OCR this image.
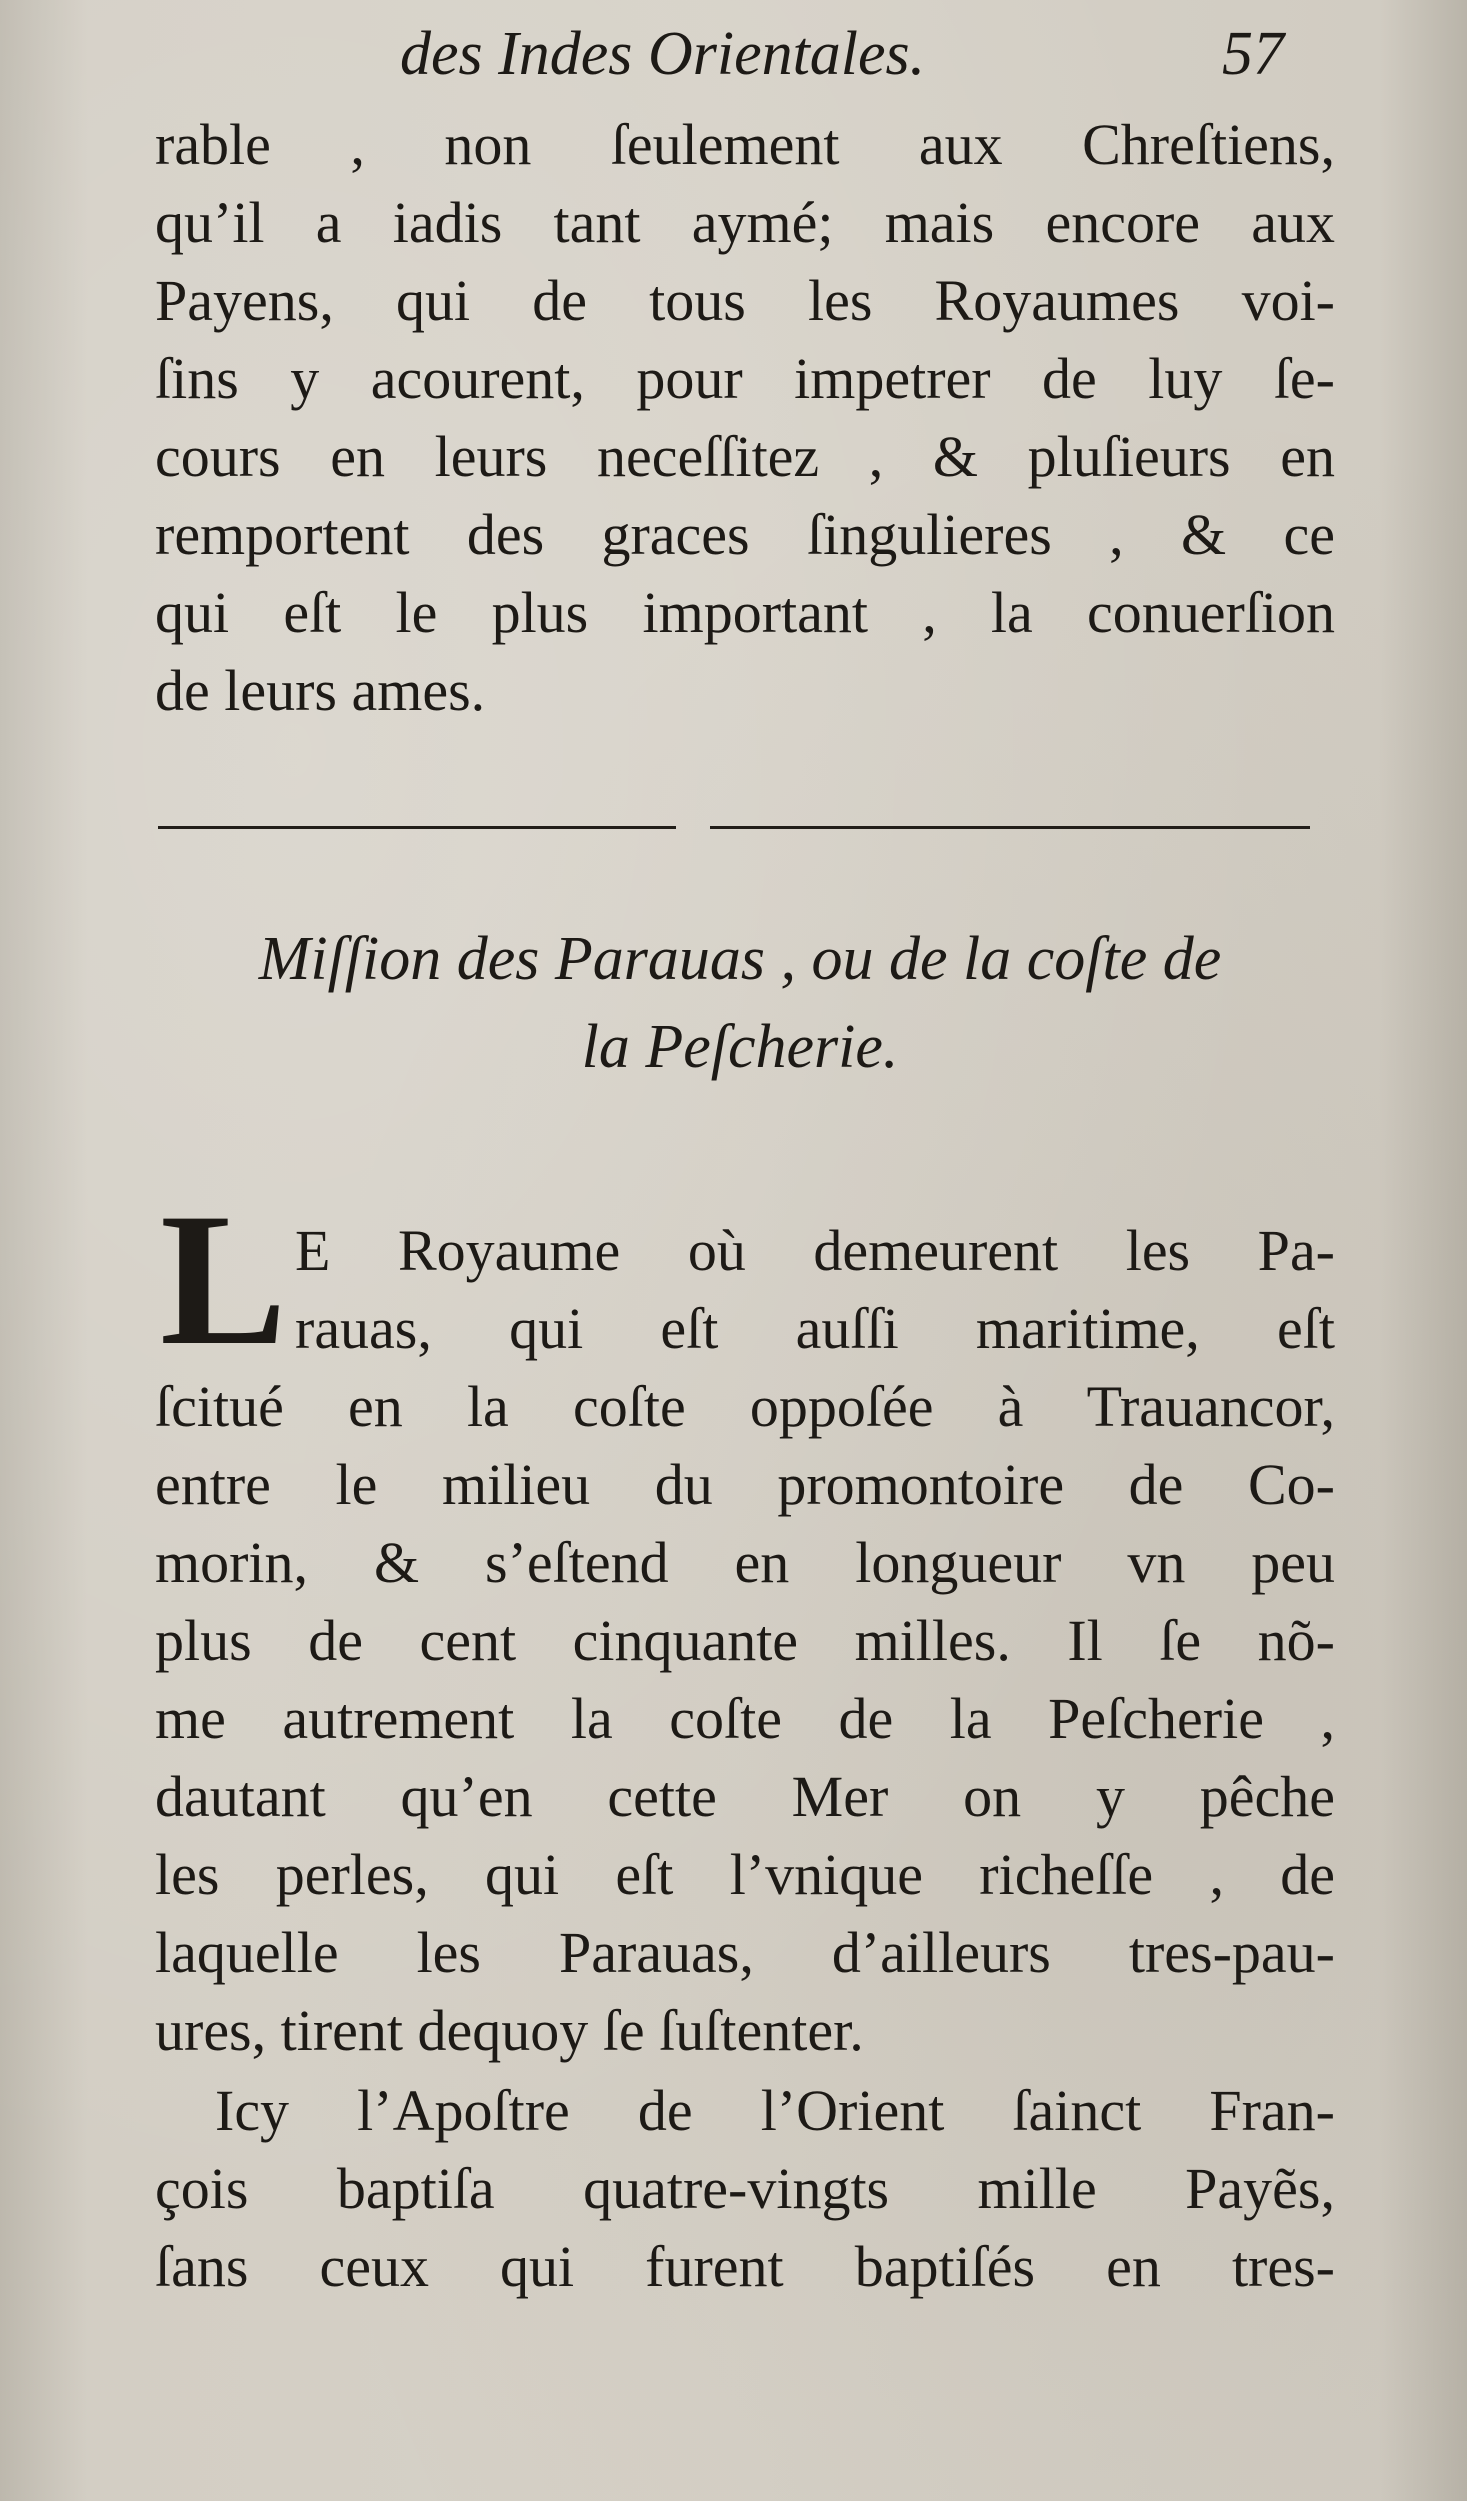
des Indes Orientales.	57
rable , non ſeulement aux Chreſtiens,
qu’il a iadis tant aymé; mais encore aux
Payens, qui de tous les Royaumes voi-
ſins y acourent, pour impetrer de luy ſe-
cours en leurs neceſſitez , & pluſieurs en
remportent des graces ſingulieres , & ce
qui eſt le plus important , la conuerſion
de leurs ames.
Miſſion des Parauas , ou de la coſte de
la Peſcherie.
L E Royaume où demeurent les Pa-
rauas, qui eſt auſſi maritime, eſt
ſcitué en la coſte oppoſée à Trauancor,
entre le milieu du promontoire de Co-
morin, & s’eſtend en longueur vn peu
plus de cent cinquante milles. Il ſe nõ-
me autrement la coſte de la Peſcherie ,
dautant qu’en cette Mer on y pêche
les perles, qui eſt l’vnique richeſſe , de
laquelle les Parauas, d’ailleurs tres-pau-
ures, tirent dequoy ſe ſuſtenter.
Icy l’Apoſtre de l’Orient ſainct Fran-
çois baptiſa quatre-vingts mille Payẽs,
ſans ceux qui furent baptiſés en tres-
